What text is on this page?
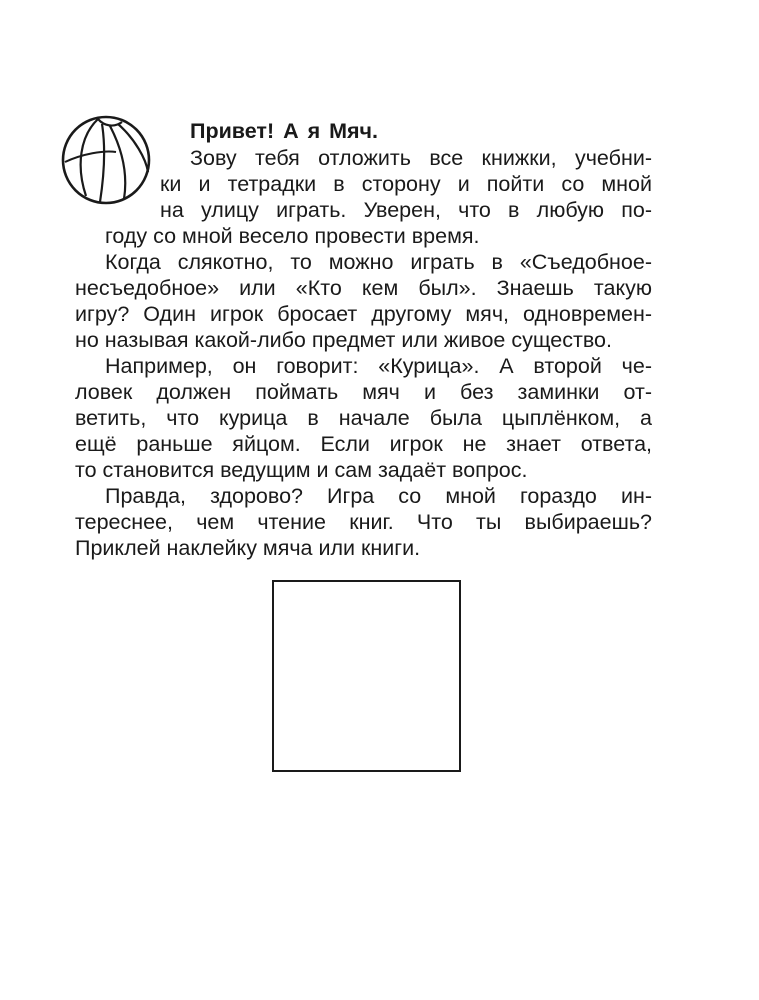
Привет! А я Мяч.
Зову тебя отложить все книжки, учебни-
ки и тетрадки в сторону и пойти со мной
на улицу играть. Уверен, что в любую по-
году со мной весело провести время.
Когда слякотно, то можно играть в «Съедобное-
несъедобное» или «Кто кем был». Знаешь такую
игру? Один игрок бросает другому мяч, одновремен-
но называя какой-либо предмет или живое существо.
Например, он говорит: «Курица». А второй че-
ловек должен поймать мяч и без заминки от-
ветить, что курица в начале была цыплёнком, а
ещё раньше яйцом. Если игрок не знает ответа,
то становится ведущим и сам задаёт вопрос.
Правда, здорово? Игра со мной гораздо ин-
тереснее, чем чтение книг. Что ты выбираешь?
Приклей наклейку мяча или книги.
